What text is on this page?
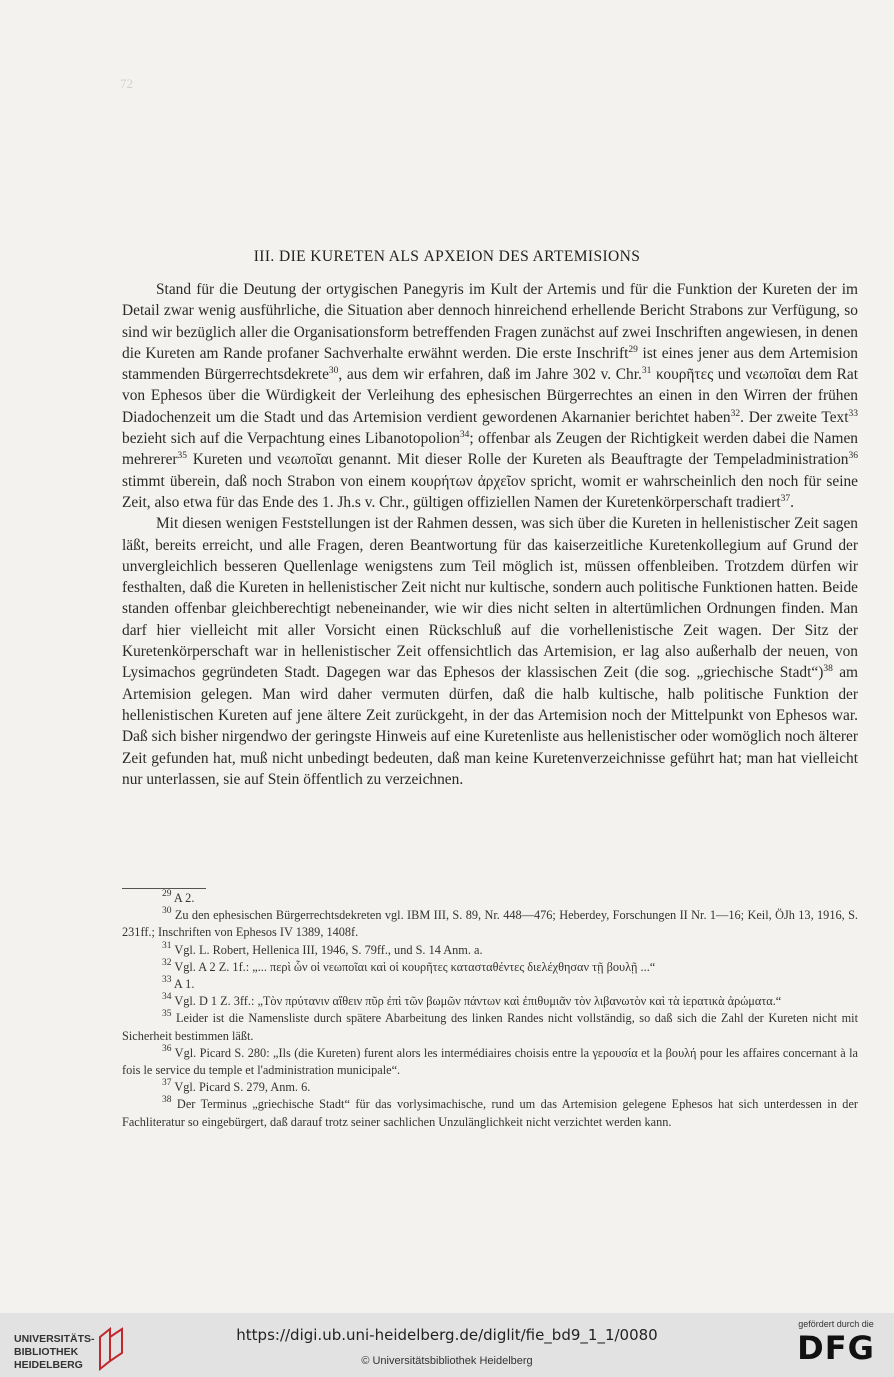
72
III. DIE KURETEN ALS ΑΡΧΕΙΟΝ DES ARTEMISIONS

Stand für die Deutung der ortygischen Panegyris im Kult der Artemis und für die Funktion der Kureten der im Detail zwar wenig ausführliche, die Situation aber dennoch hinreichend erhellende Bericht Strabons zur Verfügung, so sind wir bezüglich aller die Organisationsform betreffenden Fragen zunächst auf zwei Inschriften angewiesen, in denen die Kureten am Rande profaner Sachverhalte erwähnt werden. Die erste Inschrift$^{29}$ ist eines jener aus dem Artemision stammenden Bürgerrechtsdekrete$^{30}$, aus dem wir erfahren, daß im Jahre 302 v. Chr.$^{31}$ κουρῆτες und νεωποῖαι dem Rat von Ephesos über die Würdigkeit der Verleihung des ephesischen Bürgerrechtes an einen in den Wirren der frühen Diadochenzeit um die Stadt und das Artemision verdient gewordenen Akarnanier berichtet haben$^{32}$. Der zweite Text$^{33}$ bezieht sich auf die Verpachtung eines Libanotopolion$^{34}$; offenbar als Zeugen der Richtigkeit werden dabei die Namen mehrerer$^{35}$ Kureten und νεωποῖαι genannt. Mit dieser Rolle der Kureten als Beauftragte der Tempeladministration$^{36}$ stimmt überein, daß noch Strabon von einem κουρήτων ἀρχεῖον spricht, womit er wahrscheinlich den noch für seine Zeit, also etwa für das Ende des 1. Jh.s v. Chr., gültigen offiziellen Namen der Kuretenkörperschaft tradiert$^{37}$.

Mit diesen wenigen Feststellungen ist der Rahmen dessen, was sich über die Kureten in hellenistischer Zeit sagen läßt, bereits erreicht, und alle Fragen, deren Beantwortung für das kaiserzeitliche Kuretenkollegium auf Grund der unvergleichlich besseren Quellenlage wenigstens zum Teil möglich ist, müssen offenbleiben. Trotzdem dürfen wir festhalten, daß die Kureten in hellenistischer Zeit nicht nur kultische, sondern auch politische Funktionen hatten. Beide standen offenbar gleichberechtigt nebeneinander, wie wir dies nicht selten in altertümlichen Ordnungen finden. Man darf hier vielleicht mit aller Vorsicht einen Rückschluß auf die vorhellenistische Zeit wagen. Der Sitz der Kuretenkörperschaft war in hellenistischer Zeit offensichtlich das Artemision, er lag also außerhalb der neuen, von Lysimachos gegründeten Stadt. Dagegen war das Ephesos der klassischen Zeit (die sog. „griechische Stadt“)$^{38}$ am Artemision gelegen. Man wird daher vermuten dürfen, daß die halb kultische, halb politische Funktion der hellenistischen Kureten auf jene ältere Zeit zurückgeht, in der das Artemision noch der Mittelpunkt von Ephesos war. Daß sich bisher nirgendwo der geringste Hinweis auf eine Kuretenliste aus hellenistischer oder womöglich noch älterer Zeit gefunden hat, muß nicht unbedingt bedeuten, daß man keine Kuretenverzeichnisse geführt hat; man hat vielleicht nur unterlassen, sie auf Stein öffentlich zu verzeichnen.

$^{29}$ A 2.

$^{30}$ Zu den ephesischen Bürgerrechtsdekreten vgl. IBM III, S. 89, Nr. 448—476; Heberdey, Forschungen II Nr. 1—16; Keil, ÖJh 13, 1916, S. 231ff.; Inschriften von Ephesos IV 1389, 1408f.

$^{31}$ Vgl. L. Robert, Hellenica III, 1946, S. 79ff., und S. 14 Anm. a.

$^{32}$ Vgl. A 2 Z. 1f.: „... περὶ ὧν οἱ νεωποῖαι καὶ οἱ κουρῆτες κατασταθέντες διελέχθησαν τῇ βουλῇ ...“

$^{33}$ A 1.

$^{34}$ Vgl. D 1 Z. 3ff.: „Τὸν πρύτανιν αἴθειν πῦρ ἐπὶ τῶν βωμῶν πάντων καὶ ἐπιθυμιᾶν τὸν λιβανωτὸν καὶ τὰ ἱερατικὰ ἀρώματα.“

$^{35}$ Leider ist die Namensliste durch spätere Abarbeitung des linken Randes nicht vollständig, so daß sich die Zahl der Kureten nicht mit Sicherheit bestimmen läßt.

$^{36}$ Vgl. Picard S. 280: „Ils (die Kureten) furent alors les intermédiaires choisis entre la γερουσία et la βουλή pour les affaires concernant à la fois le service du temple et l'administration municipale“.

$^{37}$ Vgl. Picard S. 279, Anm. 6.

$^{38}$ Der Terminus „griechische Stadt“ für das vorlysimachische, rund um das Artemision gelegene Ephesos hat sich unterdessen in der Fachliteratur so eingebürgert, daß darauf trotz seiner sachlichen Unzulänglichkeit nicht verzichtet werden kann.

UNIVERSITÄTS-
BIBLIOTHEK
HEIDELBERG
https://digi.ub.uni-heidelberg.de/diglit/fie_bd9_1_1/0080
© Universitätsbibliothek Heidelberg
gefördert durch die
DFG
